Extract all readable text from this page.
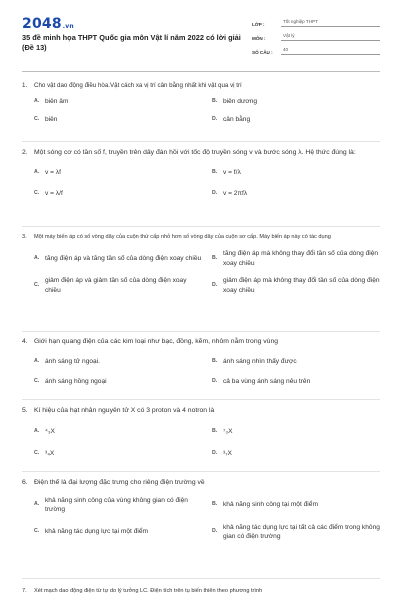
2048.vn
35 đề minh họa THPT Quốc gia môn Vật lí năm 2022 có lời giải (Đề 13)
LỚP :	Tốt nghiệp THPT
MÔN :	Vật lý
SỐ CÂU :	40
1.	Cho vật dao động điều hòa.Vật cách xa vị trí cân bằng nhất khi vật qua vị trí
A. biên âm	B. biên dương
C. biên	D. cân bằng
2. Một sóng cơ có tần số f, truyền trên dây đàn hồi với tốc độ truyền sóng v và bước sóng λ. Hệ thức đúng là:
A. v = λf	B. v = f/λ
C. v = λ/f	D. v = 2πfλ
3.	Một máy biến áp có số vòng dây của cuộn thứ cấp nhỏ hơn số vòng dây của cuộn sơ cấp. Máy biến áp này có tác dụng
A. tăng điện áp và tăng tần số của dòng điện xoay chiều	B.
tăng điện áp mà không thay đổi tần số của dòng điện xoay chiều
C.
giảm điện áp và giảm tần số của dòng điện xoay chiều
D.
giảm điện áp mà không thay đổi tần số của dòng điện xoay chiều
4. Giới hạn quang điện của các kim loại như bạc, đồng, kẽm, nhôm nằm trong vùng
A. ánh sáng tử ngoại.	B. ánh sáng nhìn thấy được
C. ánh sáng hồng ngoại	D. cả ba vùng ánh sáng nêu trên
5. Kí hiệu của hạt nhân nguyên tử X có 3 proton và 4 notron là
A. ⁴₃X	B. ⁷₃X
C. ³₄X	D. ³₇X
6. Điện thế là đại lượng đặc trưng cho riêng điện trường về
A.
khả năng sinh công của vùng không gian có điện trường
B. khả năng sinh công tại một điểm
C. khả năng tác dụng lực tại một điểm	D.
khả năng tác dụng lực tại tất cả các điểm trong không gian có điện trường
7.	Xét mạch dao động điện từ tự do lý tưởng LC. Điện tích trên tụ biến thiên theo phương trình
